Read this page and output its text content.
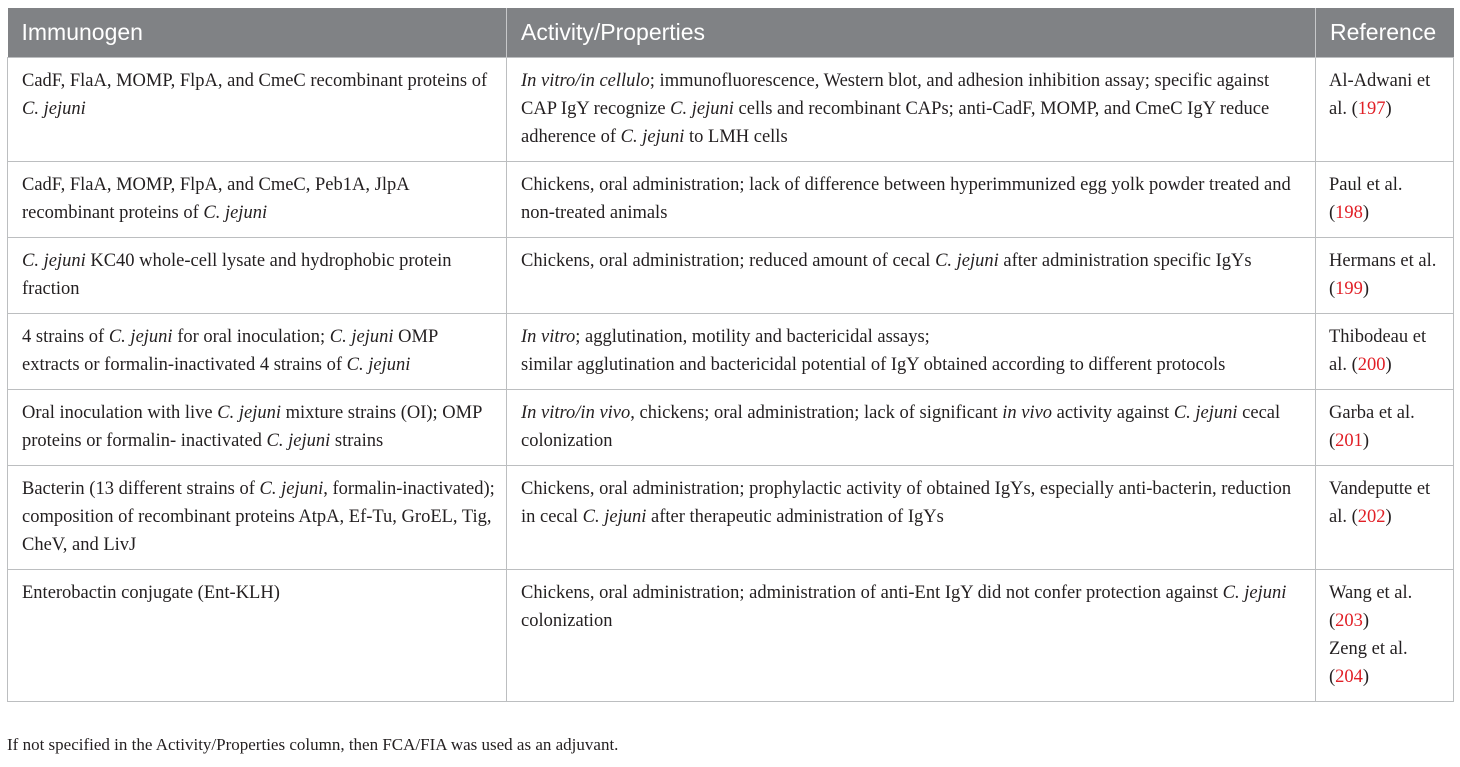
Immunogen	Activity/Properties	Reference
CadF, FlaA, MOMP, FlpA, and CmeC recombinant proteins of C. jejuni	In vitro/in cellulo; immunofluorescence, Western blot, and adhesion inhibition assay; specific against CAP IgY recognize C. jejuni cells and recombinant CAPs; anti-CadF, MOMP, and CmeC IgY reduce adherence of C. jejuni to LMH cells	Al-Adwani et al. (197)

CadF, FlaA, MOMP, FlpA, and CmeC, Peb1A, JlpA recombinant proteins of C. jejuni	Chickens, oral administration; lack of difference between hyperimmunized egg yolk powder treated and non-treated animals	Paul et al. (198)

C. jejuni KC40 whole-cell lysate and hydrophobic protein fraction	Chickens, oral administration; reduced amount of cecal C. jejuni after administration specific IgYs	Hermans et al. (199)

4 strains of C. jejuni for oral inoculation; C. jejuni OMP extracts or formalin-inactivated 4 strains of C. jejuni	In vitro; agglutination, motility and bactericidal assays;
similar agglutination and bactericidal potential of IgY obtained according to different protocols	Thibodeau et al. (200)

Oral inoculation with live C. jejuni mixture strains (OI); OMP proteins or formalin- inactivated C. jejuni strains	In vitro/in vivo, chickens; oral administration; lack of significant in vivo activity against C. jejuni cecal colonization	Garba et al. (201)

Bacterin (13 different strains of C. jejuni, formalin-inactivated); composition of recombinant proteins AtpA, Ef-Tu, GroEL, Tig, CheV, and LivJ	Chickens, oral administration; prophylactic activity of obtained IgYs, especially anti-bacterin, reduction in cecal C. jejuni after therapeutic administration of IgYs	Vandeputte et al. (202)

Enterobactin conjugate (Ent-KLH)	Chickens, oral administration; administration of anti-Ent IgY did not confer protection against C. jejuni colonization	Wang et al. (203)
Zeng et al. (204)
If not specified in the Activity/Properties column, then FCA/FIA was used as an adjuvant.
